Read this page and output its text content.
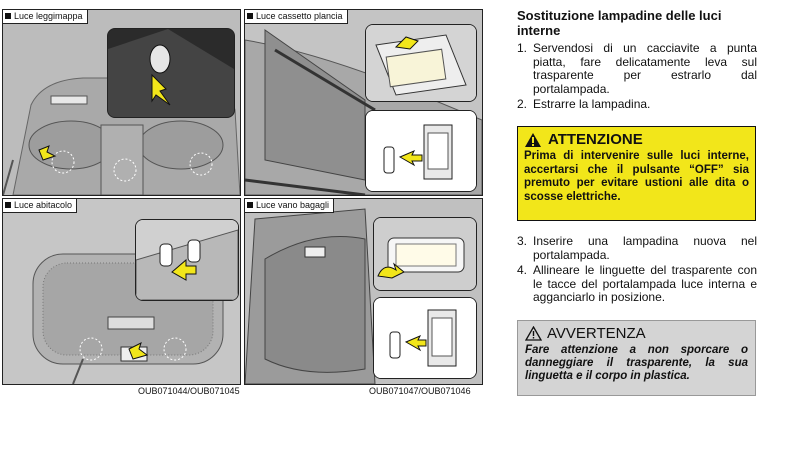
Luce leggimappa	Luce cassetto plancia
Luce abitacolo	Luce vano bagagli
OUB071044/OUB071045	OUB071047/OUB071046
Sostituzione lampadine delle luci interne
1. Servendosi di un cacciavite a punta piatta, fare delicatamente leva sul trasparente per estrarlo dal portalampada.
2. Estrarre la lampadina.
ATTENZIONE
Prima di intervenire sulle luci interne, accertarsi che il pulsante “OFF” sia premuto per evitare ustioni alle dita o scosse elettriche.
3. Inserire una lampadina nuova nel portalampada.
4. Allineare le linguette del trasparente con le tacce del portalampada luce interna e agganciarlo in posizione.
AVVERTENZA
Fare attenzione a non sporcare o danneggiare il trasparente, la sua linguetta e il corpo in plastica.
